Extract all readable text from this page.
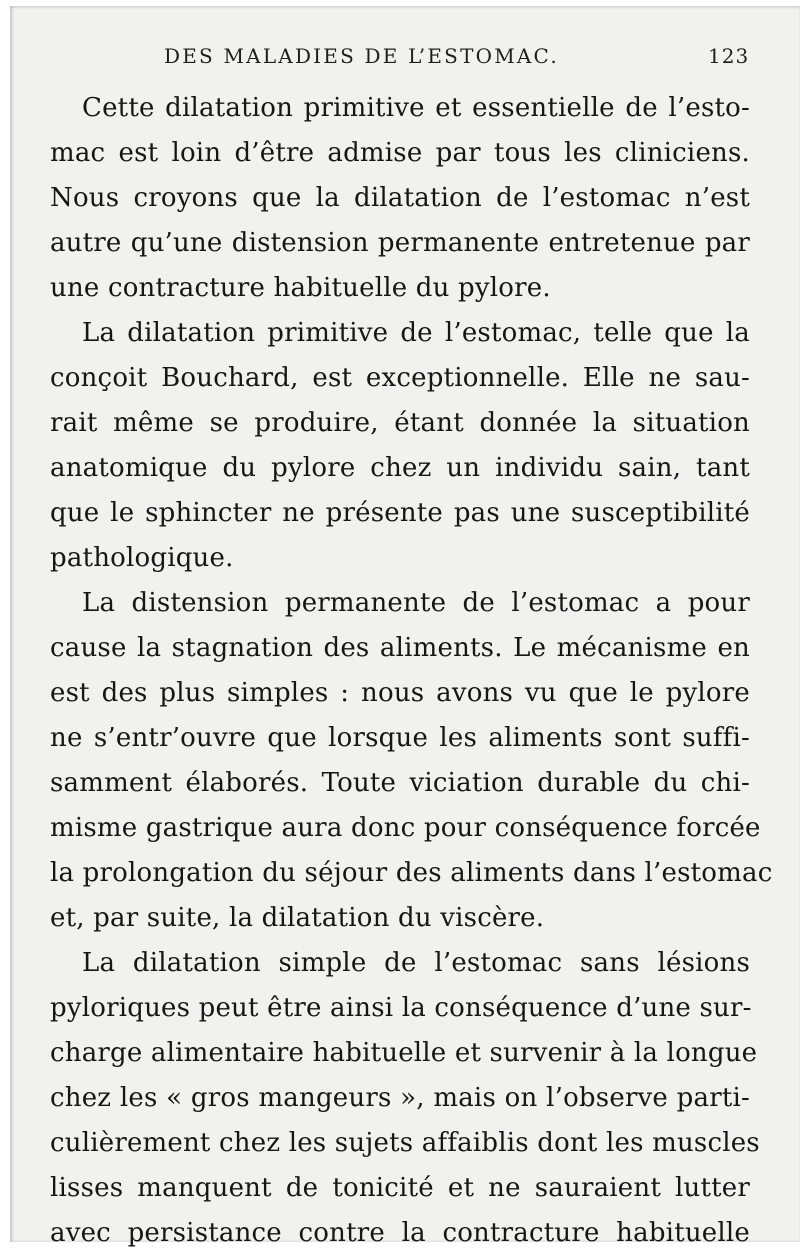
DES MALADIES DE L’ESTOMAC.	123
Cette dilatation primitive et essentielle de l’esto-
mac est loin d’être admise par tous les cliniciens.
Nous croyons que la dilatation de l’estomac n’est
autre qu’une distension permanente entretenue par
une contracture habituelle du pylore.
La dilatation primitive de l’estomac, telle que la
conçoit Bouchard, est exceptionnelle. Elle ne sau-
rait même se produire, étant donnée la situation
anatomique du pylore chez un individu sain, tant
que le sphincter ne présente pas une susceptibilité
pathologique.
La distension permanente de l’estomac a pour
cause la stagnation des aliments. Le mécanisme en
est des plus simples : nous avons vu que le pylore
ne s’entr’ouvre que lorsque les aliments sont suffi-
samment élaborés. Toute viciation durable du chi-
misme gastrique aura donc pour conséquence forcée
la prolongation du séjour des aliments dans l’estomac
et, par suite, la dilatation du viscère.
La dilatation simple de l’estomac sans lésions
pyloriques peut être ainsi la conséquence d’une sur-
charge alimentaire habituelle et survenir à la longue
chez les « gros mangeurs », mais on l’observe parti-
culièrement chez les sujets affaiblis dont les muscles
lisses manquent de tonicité et ne sauraient lutter
avec persistance contre la contracture habituelle
